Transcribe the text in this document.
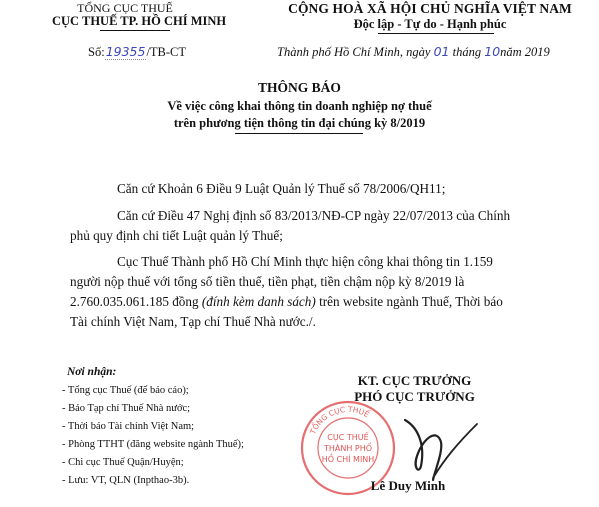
TỔNG CỤC THUẾ
CỤC THUẾ TP. HỒ CHÍ MINH
CỘNG HOÀ XÃ HỘI CHỦ NGHĨA VIỆT NAM
Độc lập - Tự do - Hạnh phúc
Số:19355/TB-CT	Thành phố Hồ Chí Minh, ngày 01 tháng 10năm 2019
THÔNG BÁO
Về việc công khai thông tin doanh nghiệp nợ thuế
trên phương tiện thông tin đại chúng kỳ 8/2019
Căn cứ Khoản 6 Điều 9 Luật Quản lý Thuế số 78/2006/QH11;
Căn cứ Điều 47 Nghị định số 83/2013/NĐ-CP ngày 22/07/2013 của Chính
phủ quy định chi tiết Luật quản lý Thuế;
Cục Thuế Thành phố Hồ Chí Minh thực hiện công khai thông tin 1.159
người nộp thuế với tổng số tiền thuế, tiền phạt, tiền chậm nộp kỳ 8/2019 là
2.760.035.061.185 đồng (đính kèm danh sách) trên website ngành Thuế, Thời báo
Tài chính Việt Nam, Tạp chí Thuế Nhà nước./.
Nơi nhận:
- Tổng cục Thuế (để báo cáo);
- Báo Tạp chí Thuế Nhà nước;
- Thời báo Tài chính Việt Nam;
- Phòng TTHT (đăng website ngành Thuế);
- Chi cục Thuế Quận/Huyện;
- Lưu: VT, QLN (Inpthao-3b).
TỔNG CỤC THUẾ
CỤC THUẾ
THÀNH PHỐ
HỒ CHÍ MINH
KT. CỤC TRƯỞNG
PHÓ CỤC TRƯỞNG
Lê Duy Minh
